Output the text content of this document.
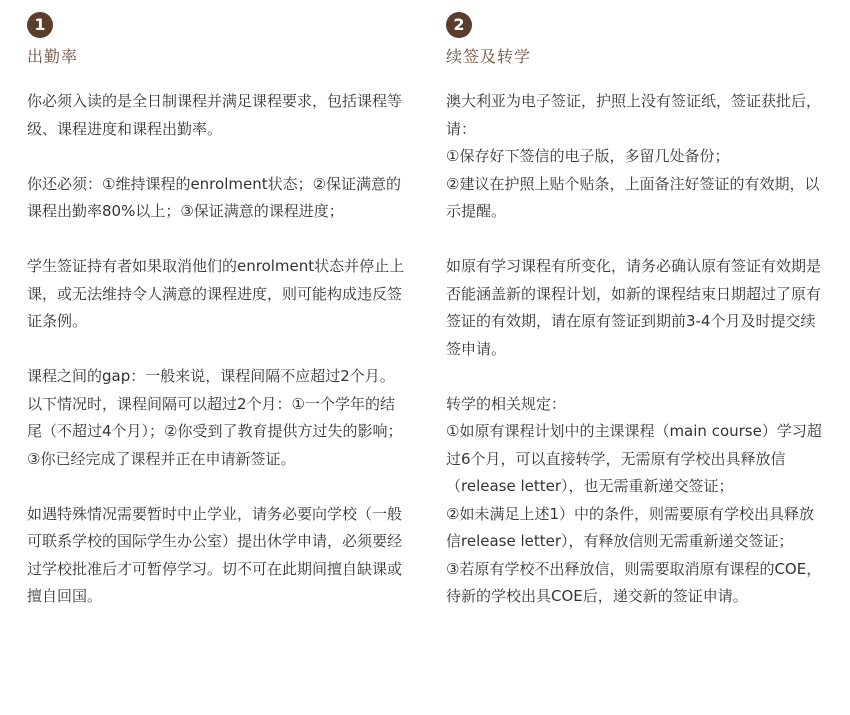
1
出勤率

你必须入读的是全日制课程并满足课程要求，包括课程等级、课程进度和课程出勤率。

你还必须：①维持课程的enrolment状态；②保证满意的课程出勤率80%以上；③保证满意的课程进度；

学生签证持有者如果取消他们的enrolment状态并停止上课，或无法维持令人满意的课程进度，则可能构成违反签证条例。

课程之间的gap：一般来说，课程间隔不应超过2个月。以下情况时，课程间隔可以超过2个月：①一个学年的结尾（不超过4个月）；②你受到了教育提供方过失的影响；③你已经完成了课程并正在申请新签证。

如遇特殊情况需要暂时中止学业，请务必要向学校（一般可联系学校的国际学生办公室）提出休学申请，必须要经过学校批准后才可暂停学习。切不可在此期间擅自缺课或擅自回国。

2
续签及转学

澳大利亚为电子签证，护照上没有签证纸，签证获批后，请：

①保存好下签信的电子版，多留几处备份；

②建议在护照上贴个贴条，上面备注好签证的有效期，以示提醒。

如原有学习课程有所变化，请务必确认原有签证有效期是否能涵盖新的课程计划，如新的课程结束日期超过了原有签证的有效期，请在原有签证到期前3-4个月及时提交续签申请。

转学的相关规定：

①如原有课程计划中的主课课程（main course）学习超过6个月，可以直接转学，无需原有学校出具释放信（release letter），也无需重新递交签证；

②如未满足上述1）中的条件，则需要原有学校出具释放信release letter），有释放信则无需重新递交签证；

③若原有学校不出释放信，则需要取消原有课程的COE，待新的学校出具COE后，递交新的签证申请。
